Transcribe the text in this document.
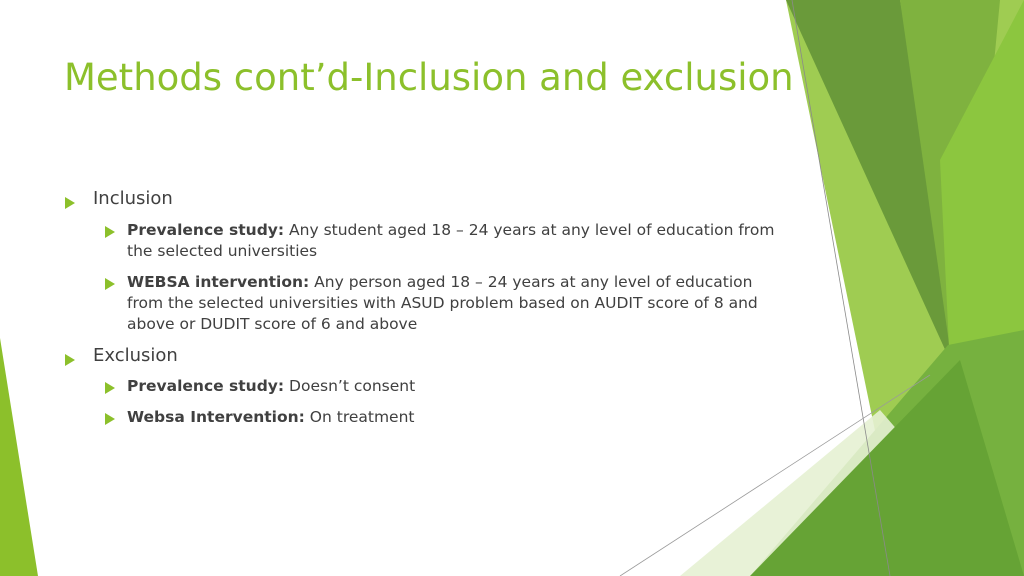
Methods cont’d-Inclusion and exclusion

Inclusion

Prevalence study: Any student aged 18 – 24 years at any level of education from the selected universities

WEBSA intervention: Any person aged 18 – 24 years at any level of education from the selected universities with ASUD problem based on AUDIT score of 8 and above or DUDIT score of 6 and above

Exclusion

Prevalence study: Doesn’t consent

Websa Intervention: On treatment
